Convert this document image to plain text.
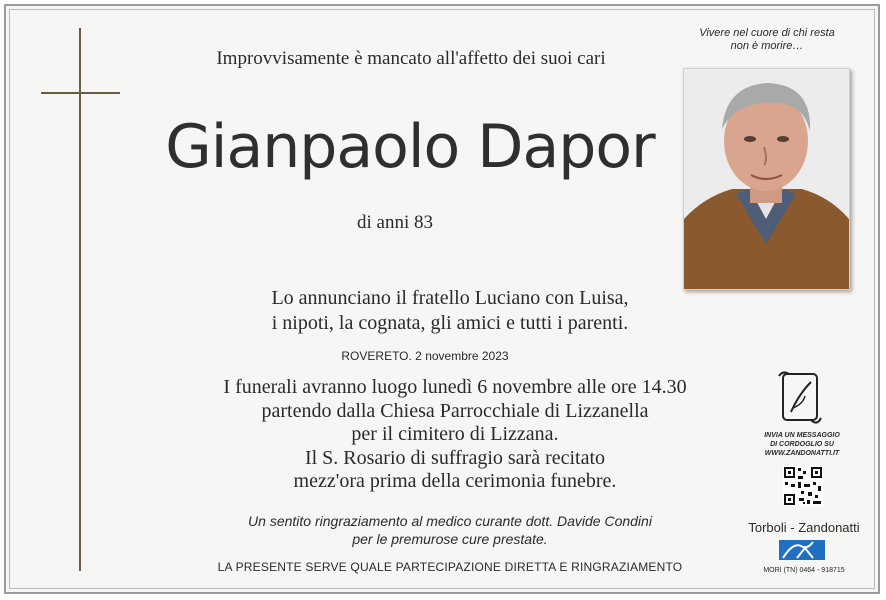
Improvvisamente è mancato all'affetto dei suoi cari
Gianpaolo Dapor
di anni 83
Lo annunciano il fratello Luciano con Luisa,
i nipoti, la cognata, gli amici e tutti i parenti.
ROVERETO. 2 novembre 2023
I funerali avranno luogo lunedì 6 novembre alle ore 14.30
partendo dalla Chiesa Parrocchiale di Lizzanella
per il cimitero di Lizzana.
Il S. Rosario di suffragio sarà recitato
mezz'ora prima della cerimonia funebre.
Un sentito ringraziamento al medico curante dott. Davide Condini
per le premurose cure prestate.
LA PRESENTE SERVE QUALE PARTECIPAZIONE DIRETTA E RINGRAZIAMENTO
Vivere nel cuore di chi resta
non è morire…
INVIA UN MESSAGGIO
DI CORDOGLIO SU
WWW.ZANDONATTI.IT
Torboli - Zandonatti
MORI (TN) 0464 - 918715
